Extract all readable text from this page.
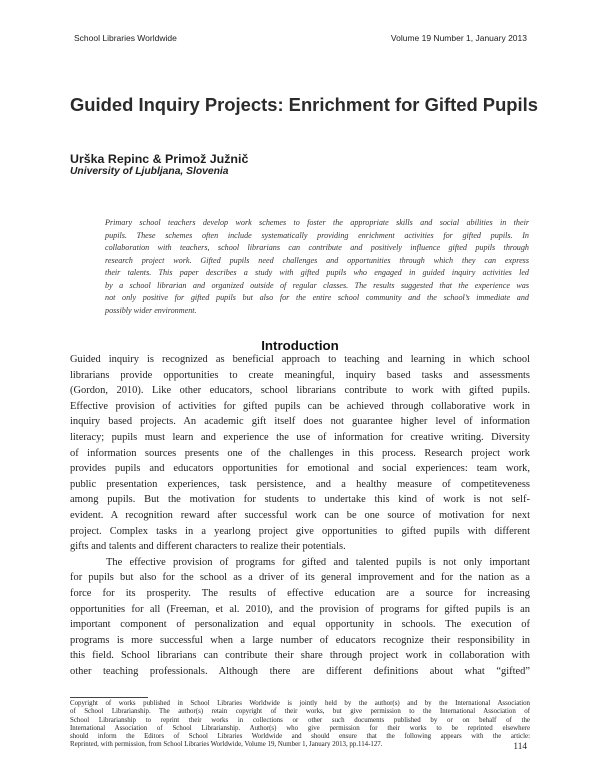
School Libraries Worldwide	Volume 19 Number 1, January 2013
Guided Inquiry Projects: Enrichment for Gifted Pupils

Urška Repinc & Primož Južnič

University of Ljubljana, Slovenia

Primary school teachers develop work schemes to foster the appropriate skills and social abilities in their
pupils. These schemes often include systematically providing enrichment activities for gifted pupils. In
collaboration with teachers, school librarians can contribute and positively influence gifted pupils through
research project work. Gifted pupils need challenges and opportunities through which they can express
their talents. This paper describes a study with gifted pupils who engaged in guided inquiry activities led
by a school librarian and organized outside of regular classes. The results suggested that the experience was
not only positive for gifted pupils but also for the entire school community and the school’s immediate and
possibly wider environment.
Introduction
Guided inquiry is recognized as beneficial approach to teaching and learning in which school
librarians provide opportunities to create meaningful, inquiry based tasks and assessments
(Gordon, 2010). Like other educators, school librarians contribute to work with gifted pupils.
Effective provision of activities for gifted pupils can be achieved through collaborative work in
inquiry based projects. An academic gift itself does not guarantee higher level of information
literacy; pupils must learn and experience the use of information for creative writing. Diversity
of information sources presents one of the challenges in this process. Research project work
provides pupils and educators opportunities for emotional and social experiences: team work,
public presentation experiences, task persistence, and a healthy measure of competiteveness
among pupils. But the motivation for students to undertake this kind of work is not self-
evident. A recognition reward after successful work can be one source of motivation for next
project. Complex tasks in a yearlong project give opportunities to gifted pupils with different
gifts and talents and different characters to realize their potentials.
The effective provision of programs for gifted and talented pupils is not only important
for pupils but also for the school as a driver of its general improvement and for the nation as a
force for its prosperity. The results of effective education are a source for increasing
opportunities for all (Freeman, et al. 2010), and the provision of programs for gifted pupils is an
important component of personalization and equal opportunity in schools. The execution of
programs is more successful when a large number of educators recognize their responsibility in
this field. School librarians can contribute their share through project work in collaboration with
other teaching professionals. Although there are different definitions about what “gifted”
Copyright of works published in School Libraries Worldwide is jointly held by the author(s) and by the International Association
of School Librarianship. The author(s) retain copyright of their works, but give permission to the International Association of
School Librarianship to reprint their works in collections or other such documents published by or on behalf of the
International Association of School Librarianship. Author(s) who give permission for their works to be reprinted elsewhere
should inform the Editors of School Libraries Worldwide and should ensure that the following appears with the article:
Reprinted, with permission, from School Libraries Worldwide, Volume 19, Number 1, January 2013, pp.114-127.	114
